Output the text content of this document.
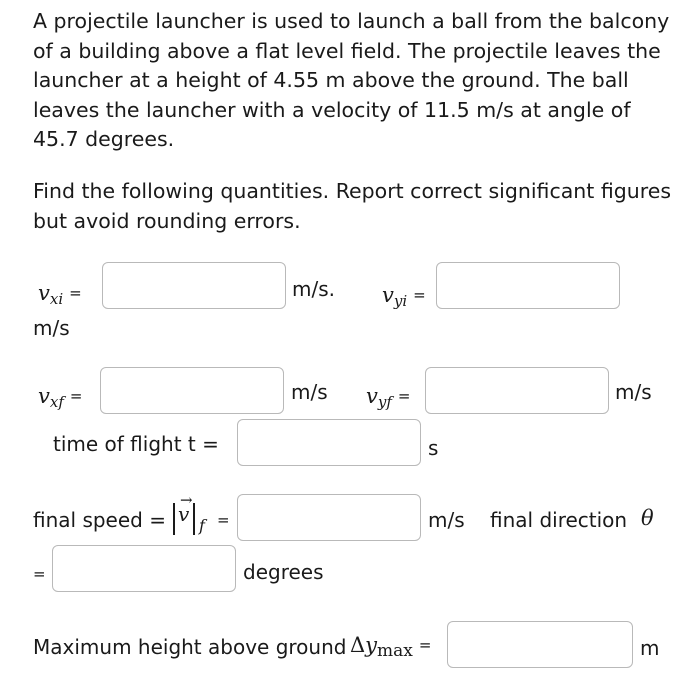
A projectile launcher is used to launch a ball from the balcony of a building above a flat level field. The projectile leaves the launcher at a height of 4.55 m above the ground. The ball leaves the launcher with a velocity of 11.5 m/s at angle of 45.7 degrees.

Find the following quantities. Report correct significant figures but avoid rounding errors.

vxi =	m/s. vyi =
m/s
vxf =	m/s vyf =	m/s
time of flight t =	s
final speed =
→
v f =	m/s final direction θ
=	degrees
Maximum height above ground Δymax =	m
